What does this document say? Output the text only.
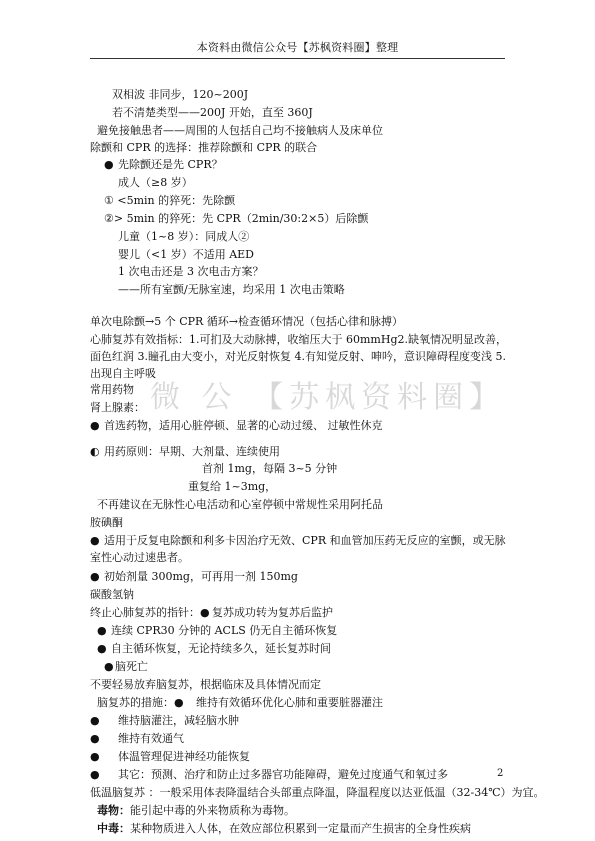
本资料由微信公众号【苏枫资料圈】整理
微 公 【苏枫资料圈】
双相波 非同步，120~200J
若不清楚类型——200J 开始，直至 360J
避免接触患者——周围的人包括自己均不接触病人及床单位
除颤和 CPR 的选择：推荐除颤和 CPR 的联合
● 先除颤还是先 CPR？
成人（≥8 岁）
① <5min 的猝死：先除颤
②> 5min 的猝死：先 CPR（2min/30:2×5）后除颤
儿童（1~8 岁）：同成人②
婴儿（<1 岁）不适用 AED
1 次电击还是 3 次电击方案？
——所有室颤/无脉室速，均采用 1 次电击策略
单次电除颤→5 个 CPR 循环→检查循环情况（包括心律和脉搏）
心肺复苏有效指标：1.可扪及大动脉搏，收缩压大于 60mmHg2.缺氧情况明显改善，面色红润 3.瞳孔由大变小，对光反射恢复 4.有知觉反射、呻吟，意识障碍程度变浅 5.出现自主呼吸
常用药物
肾上腺素：
● 首选药物，适用心脏停顿、显著的心动过缓、 过敏性休克
◐ 用药原则：早期、大剂量、连续使用
首剂 1mg，每隔 3~5 分钟
重复给 1~3mg，
不再建议在无脉性心电活动和心室停顿中常规性采用阿托品
胺碘酮
● 适用于反复电除颤和利多卡因治疗无效、CPR 和血管加压药无反应的室颤，或无脉室性心动过速患者。
● 初始剂量 300mg，可再用一剂 150mg
碳酸氢钠
终止心肺复苏的指针：● 复苏成功转为复苏后监护
● 连续 CPR30 分钟的 ACLS 仍无自主循环恢复
● 自主循环恢复，无论持续多久，延长复苏时间
●脑死亡
不要轻易放弃脑复苏，根据临床及具体情况而定
脑复苏的措施：● 维持有效循环优化心肺和重要脏器灌注
● 维持脑灌注，减轻脑水肿
● 维持有效通气
● 体温管理促进神经功能恢复
● 其它：预测、治疗和防止过多器官功能障碍，避免过度通气和氧过多
低温脑复苏 ：一般采用体表降温结合头部重点降温，降温程度以达亚低温（32-34℃）为宜。
毒物：能引起中毒的外来物质称为毒物。
中毒：某种物质进入人体，在效应部位积累到一定量而产生损害的全身性疾病
2
